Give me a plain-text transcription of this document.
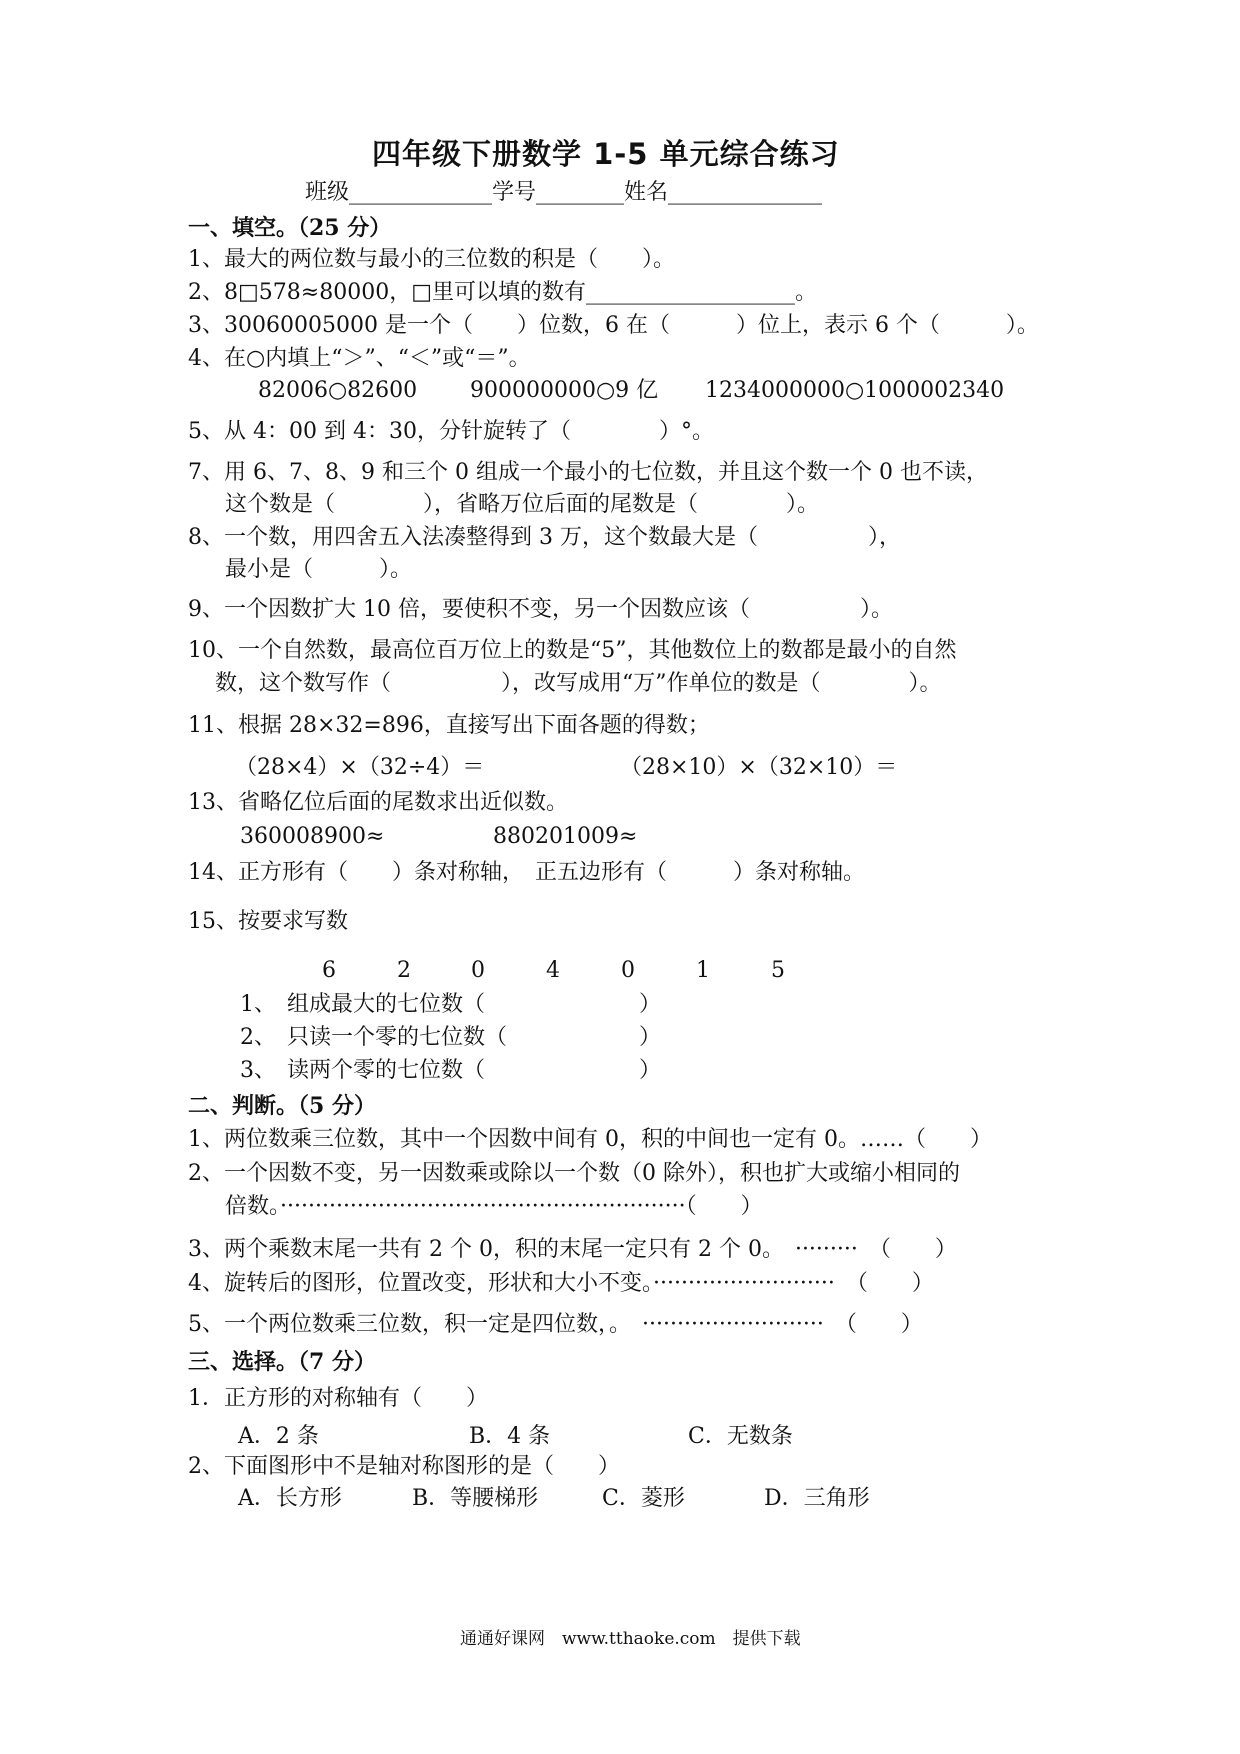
四年级下册数学 1-5 单元综合练习
班级_____________学号________姓名______________
一、填空。（25 分）
1、最大的两位数与最小的三位数的积是（　　）。
2、8□578≈80000，□里可以填的数有___________________。
3、30060005000 是一个（　　）位数，6 在（　　　）位上，表示 6 个（　　　）。
4、在○内填上“＞”、“＜”或“＝”。
82006○82600 900000000○9 亿 1234000000○1000002340
5、从 4：00 到 4：30，分针旋转了（　　　　）°。
7、用 6、7、8、9 和三个 0 组成一个最小的七位数，并且这个数一个 0 也不读，
这个数是（　　　　），省略万位后面的尾数是（　　　　）。
8、一个数，用四舍五入法凑整得到 3 万，这个数最大是（　　　　　），
最小是（　　　）。
9、一个因数扩大 10 倍，要使积不变，另一个因数应该（　　　　　）。
10、一个自然数，最高位百万位上的数是“5”，其他数位上的数都是最小的自然
数，这个数写作（　　　　　），改写成用“万”作单位的数是（　　　　）。
11、根据 28×32=896，直接写出下面各题的得数；
（28×4）×（32÷4）＝	（28×10）×（32×10）＝
13、省略亿位后面的尾数求出近似数。
360008900≈	880201009≈
14、正方形有（　　）条对称轴，　正五边形有（　　　）条对称轴。
15、按要求写数
6	2	0	4	0	1	5
1、　组成最大的七位数（　　　　　　　）
2、　只读一个零的七位数（　　　　　　）
3、　读两个零的七位数（　　　　　　　）
二、判断。（5 分）
1、两位数乘三位数，其中一个因数中间有 0，积的中间也一定有 0。……（　　）
2、一个因数不变，另一因数乘或除以一个数（0 除外），积也扩大或缩小相同的
倍数。··························································（　　）
3、两个乘数末尾一共有 2 个 0，积的末尾一定只有 2 个 0。　·········　（　　）
4、旋转后的图形，位置改变，形状和大小不变。··························　（　　）
5、一个两位数乘三位数，积一定是四位数，。　··························　（　　）
三、选择。（7 分）
1．正方形的对称轴有（　　）
A．2 条	B．4 条	C．无数条
2、下面图形中不是轴对称图形的是（　　）
A．长方形	B．等腰梯形	C．菱形	D．三角形
通通好课网　www.tthaoke.com　提供下载
